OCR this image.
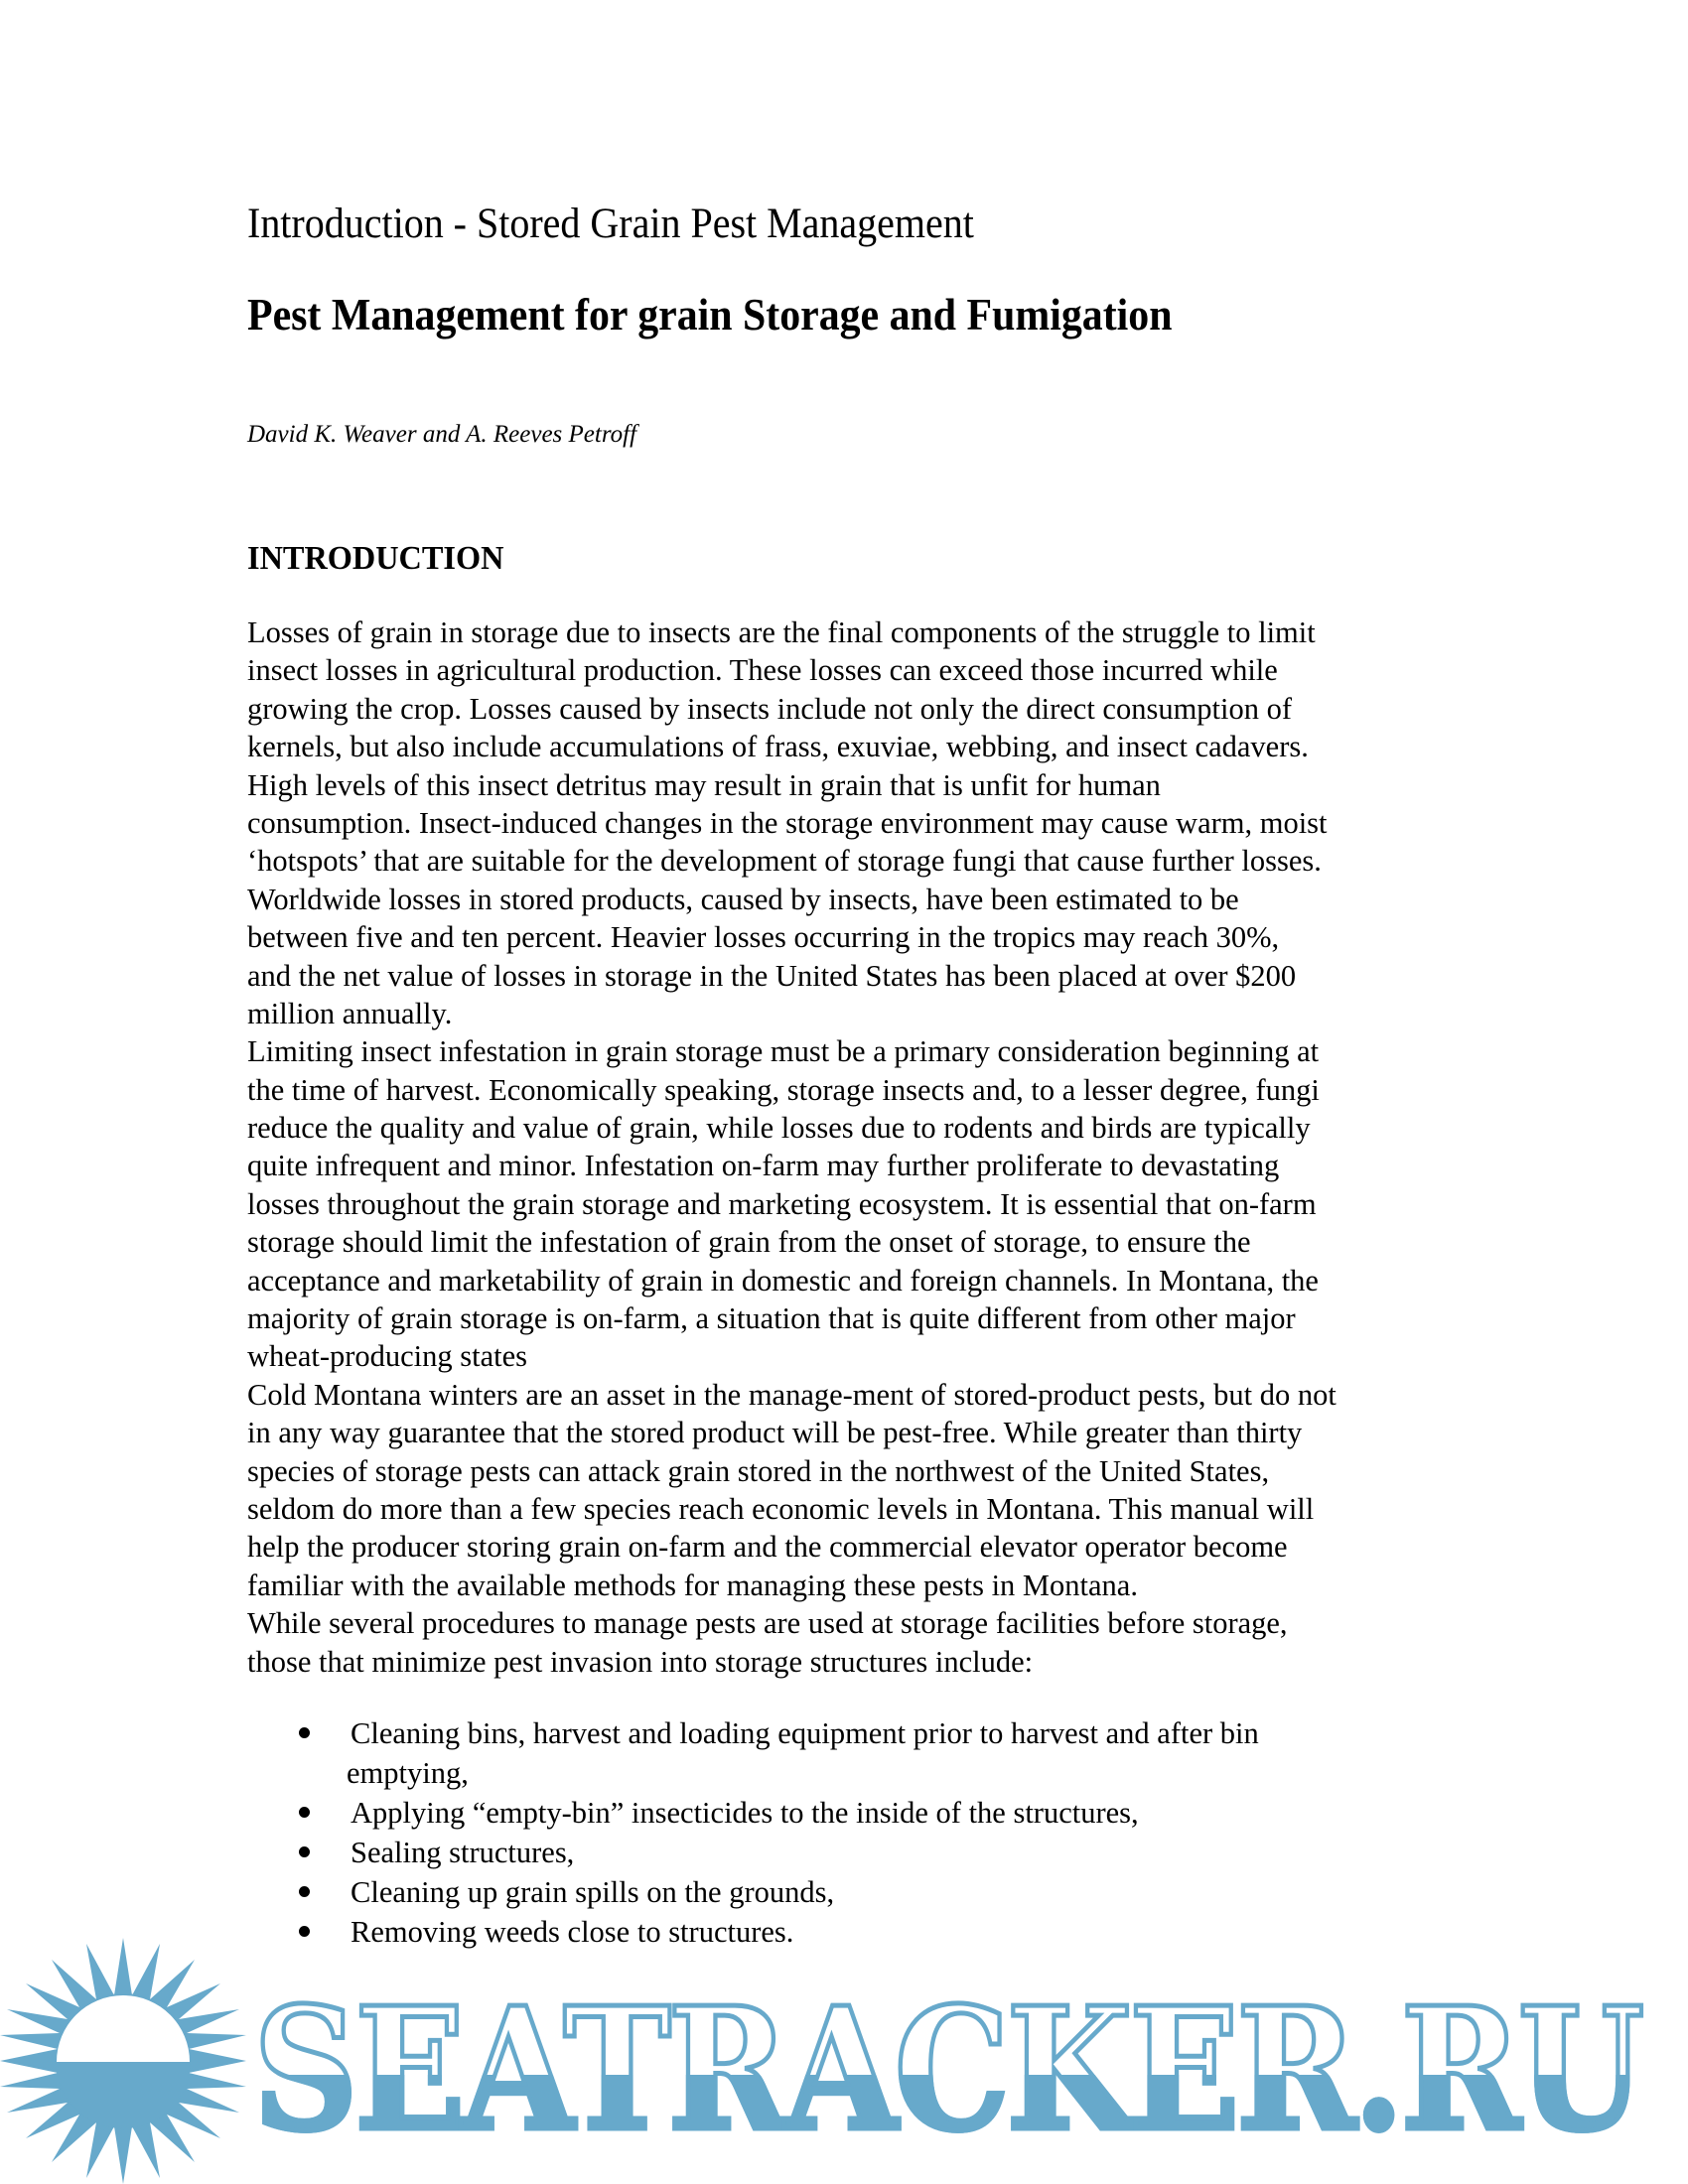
Introduction - Stored Grain Pest Management
Pest Management for grain Storage and Fumigation
David K. Weaver and A. Reeves Petroff
INTRODUCTION
Losses of grain in storage due to insects are the final components of the struggle to limit
insect losses in agricultural production. These losses can exceed those incurred while
growing the crop. Losses caused by insects include not only the direct consumption of
kernels, but also include accumulations of frass, exuviae, webbing, and insect cadavers.
High levels of this insect detritus may result in grain that is unfit for human
consumption. Insect-induced changes in the storage environment may cause warm, moist
‘hotspots’ that are suitable for the development of storage fungi that cause further losses.
Worldwide losses in stored products, caused by insects, have been estimated to be
between five and ten percent. Heavier losses occurring in the tropics may reach 30%,
and the net value of losses in storage in the United States has been placed at over $200
million annually.
Limiting insect infestation in grain storage must be a primary consideration beginning at
the time of harvest. Economically speaking, storage insects and, to a lesser degree, fungi
reduce the quality and value of grain, while losses due to rodents and birds are typically
quite infrequent and minor. Infestation on-farm may further proliferate to devastating
losses throughout the grain storage and marketing ecosystem. It is essential that on-farm
storage should limit the infestation of grain from the onset of storage, to ensure the
acceptance and marketability of grain in domestic and foreign channels. In Montana, the
majority of grain storage is on-farm, a situation that is quite different from other major
wheat-producing states
Cold Montana winters are an asset in the manage-ment of stored-product pests, but do not
in any way guarantee that the stored product will be pest-free. While greater than thirty
species of storage pests can attack grain stored in the northwest of the United States,
seldom do more than a few species reach economic levels in Montana. This manual will
help the producer storing grain on-farm and the commercial elevator operator become
familiar with the available methods for managing these pests in Montana.
While several procedures to manage pests are used at storage facilities before storage,
those that minimize pest invasion into storage structures include:
Cleaning bins, harvest and loading equipment prior to harvest and after bin
emptying,
Applying “empty-bin” insecticides to the inside of the structures,
Sealing structures,
Cleaning up grain spills on the grounds,
Removing weeds close to structures.
SEATRACKER.RU
